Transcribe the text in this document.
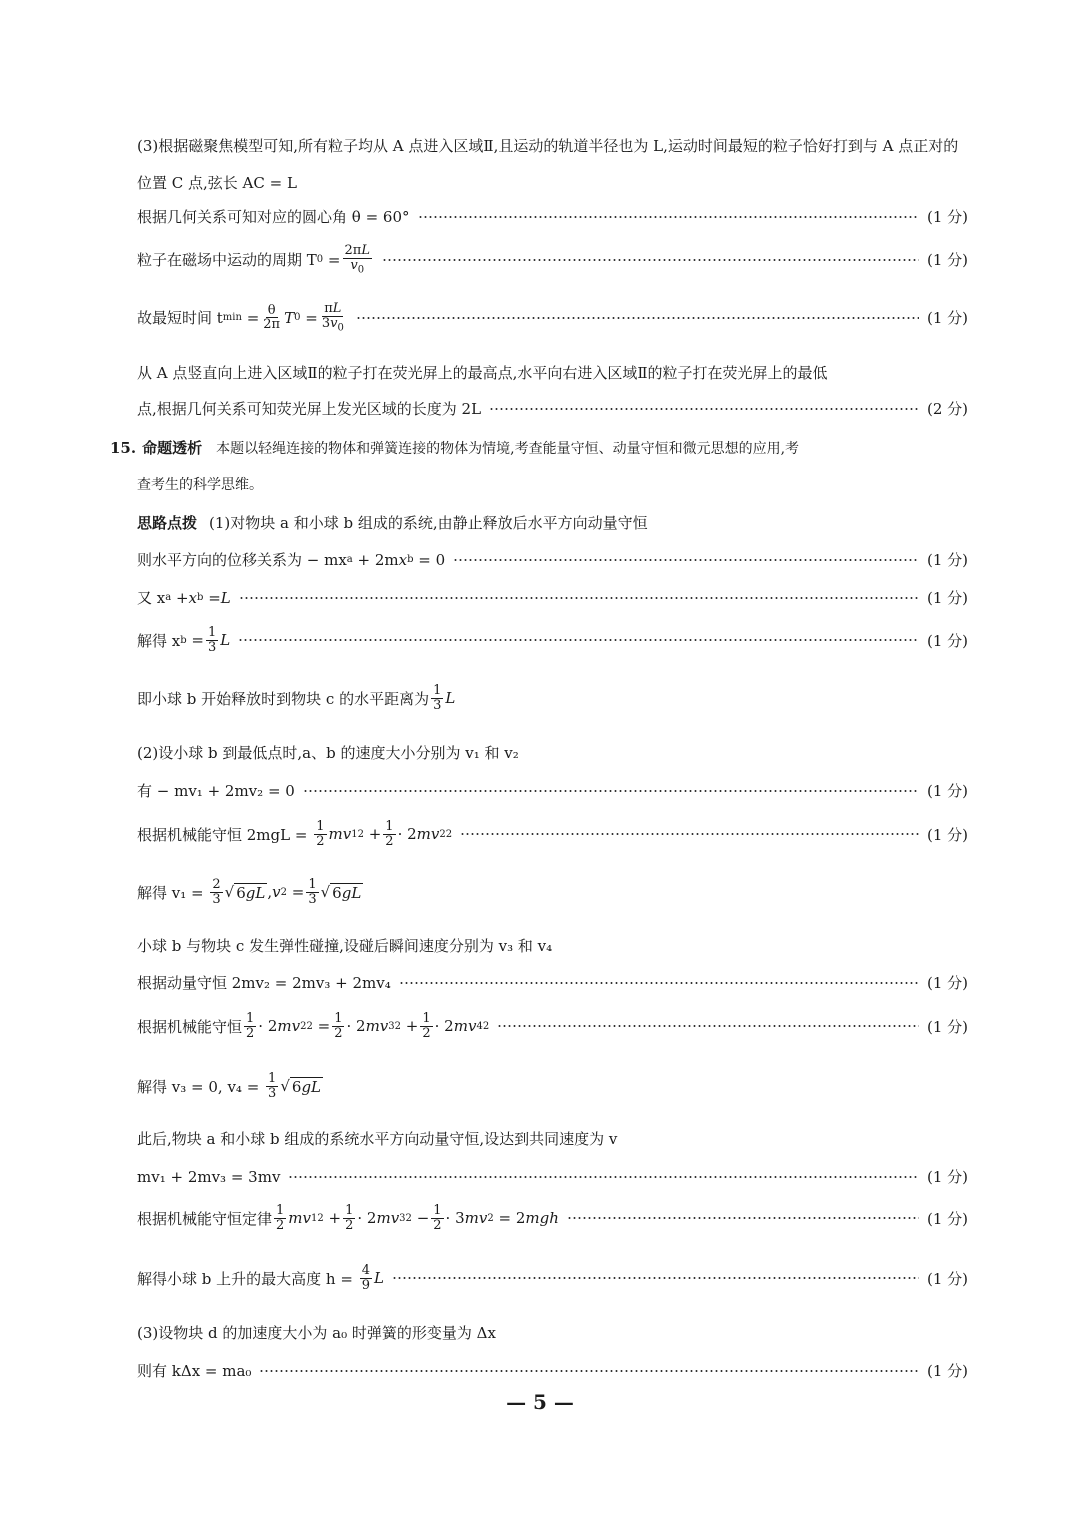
(3)根据磁聚焦模型可知,所有粒子均从 A 点进入区域Ⅱ,且运动的轨道半径也为 L,运动时间最短的粒子恰好打到与 A 点正对的位置 C 点,弦长 AC = L
根据几何关系可知对应的圆心角 θ = 60°	(1 分)
粒子在磁场中运动的周期 T $0 = \frac{2\pi L}{v_0}$	(1 分)
故最短时间 t $\min = \frac{\theta}{2\pi}$ T $0 = \frac{\pi L}{3v_0}$	(1 分)
从 A 点竖直向上进入区域Ⅱ的粒子打在荧光屏上的最高点,水平向右进入区域Ⅱ的粒子打在荧光屏上的最低
点,根据几何关系可知荧光屏上发光区域的长度为 2L	(2 分)
15. 命题透析 本题以轻绳连接的物体和弹簧连接的物体为情境,考查能量守恒、动量守恒和微元思想的应用,考
查考生的科学思维。
思路点拨 (1)对物块 a 和小球 b 组成的系统,由静止释放后水平方向动量守恒
则水平方向的位移关系为 − mx a + 2m x b = 0	(1 分)
又 x a + x b = L	(1 分)
解得 x $b = \frac{1}{3}$ L	(1 分)
即小球 b 开始释放时到物块 c 的水平距离为 $\frac{1}{3}$ L
(2)设小球 b 到最低点时,a、b 的速度大小分别为 v₁ 和 v₂
有 − mv₁ + 2mv₂ = 0	(1 分)
根据机械能守恒 2mgL =
$\frac{1}{2}$ mv 1 $2 + \frac{1}{2} \cdot 2$ mv 2 2	(1 分)
解得 v₁ =
$\frac{2}{3}$ √ 6gL , v $2 = \frac{1}{3}$ √ 6gL
小球 b 与物块 c 发生弹性碰撞,设碰后瞬间速度分别为 v₃ 和 v₄
根据动量守恒 2mv₂ = 2mv₃ + 2mv₄	(1 分)
根据机械能守恒 $\frac{1}{2} \cdot 2$ mv 2 $2 = \frac{1}{2} \cdot 2$ mv 3 $2 + \frac{1}{2} \cdot 2$ mv 4 2	(1 分)
解得 v₃ = 0, v₄ =
$\frac{1}{3}$ √ 6gL
此后,物块 a 和小球 b 组成的系统水平方向动量守恒,设达到共同速度为 v
mv₁ + 2mv₃ = 3mv	(1 分)
根据机械能守恒定律 $\frac{1}{2}$ mv 1 $2 + \frac{1}{2} \cdot 2$ mv 3 $2 - \frac{1}{2} \cdot 3$ mv 2 = 2 mgh	(1 分)
解得小球 b 上升的最大高度 h =
$\frac{4}{9}$ L	(1 分)
(3)设物块 d 的加速度大小为 a₀ 时弹簧的形变量为 Δx
则有 kΔx = ma₀	(1 分)
— 5 —
